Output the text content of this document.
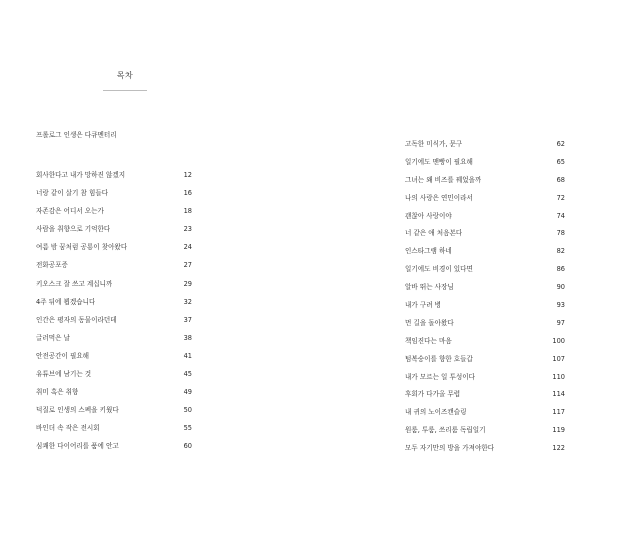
목차
프롤로그 인생은 다큐멘터리
회사한다고 내가 망하진 않겠지	12
너랑 같이 살기 참 힘들다	16
자존감은 어디서 오는가	18
사람을 취향으로 기억한다	23
여름 밤 꿈처럼 공룡이 찾아왔다	24
전화공포증	27
키오스크 잘 쓰고 계십니까	29
4주 뒤에 뵙겠습니다	32
인간은 평자의 동물이라던데	37
글러먹은 날	38
안전공간이 필요해	41
유튜브에 남기는 것	45
취미 혹은 취향	49
덕질로 인생의 스펙을 키웠다	50
바인더 속 작은 전시회	55
심쾌한 다이어리를 품에 안고	60
고독한 미식가, 문구	62
일기에도 맨빵이 필요해	65
그녀는 왜 비즈를 꿰었을까	68
나의 사랑은 연민이라서	72
괜찮아 사랑이야	74
너 같은 애 처음본다	78
인스타그램 하네	82
일기에도 비경이 있다면	86
알바 뛰는 사장님	90
내가 구려 병	93
먼 길을 돌아왔다	97
책임진다는 마음	100
텀복숭이를 향한 호들갑	107
내가 모르는 일 투성이다	110
후회가 다가올 무렵	114
내 귀의 노이즈캔슬링	117
원룸, 투룸, 쓰리룸 독립일기	119
모두 자기만의 방을 가져야한다	122
